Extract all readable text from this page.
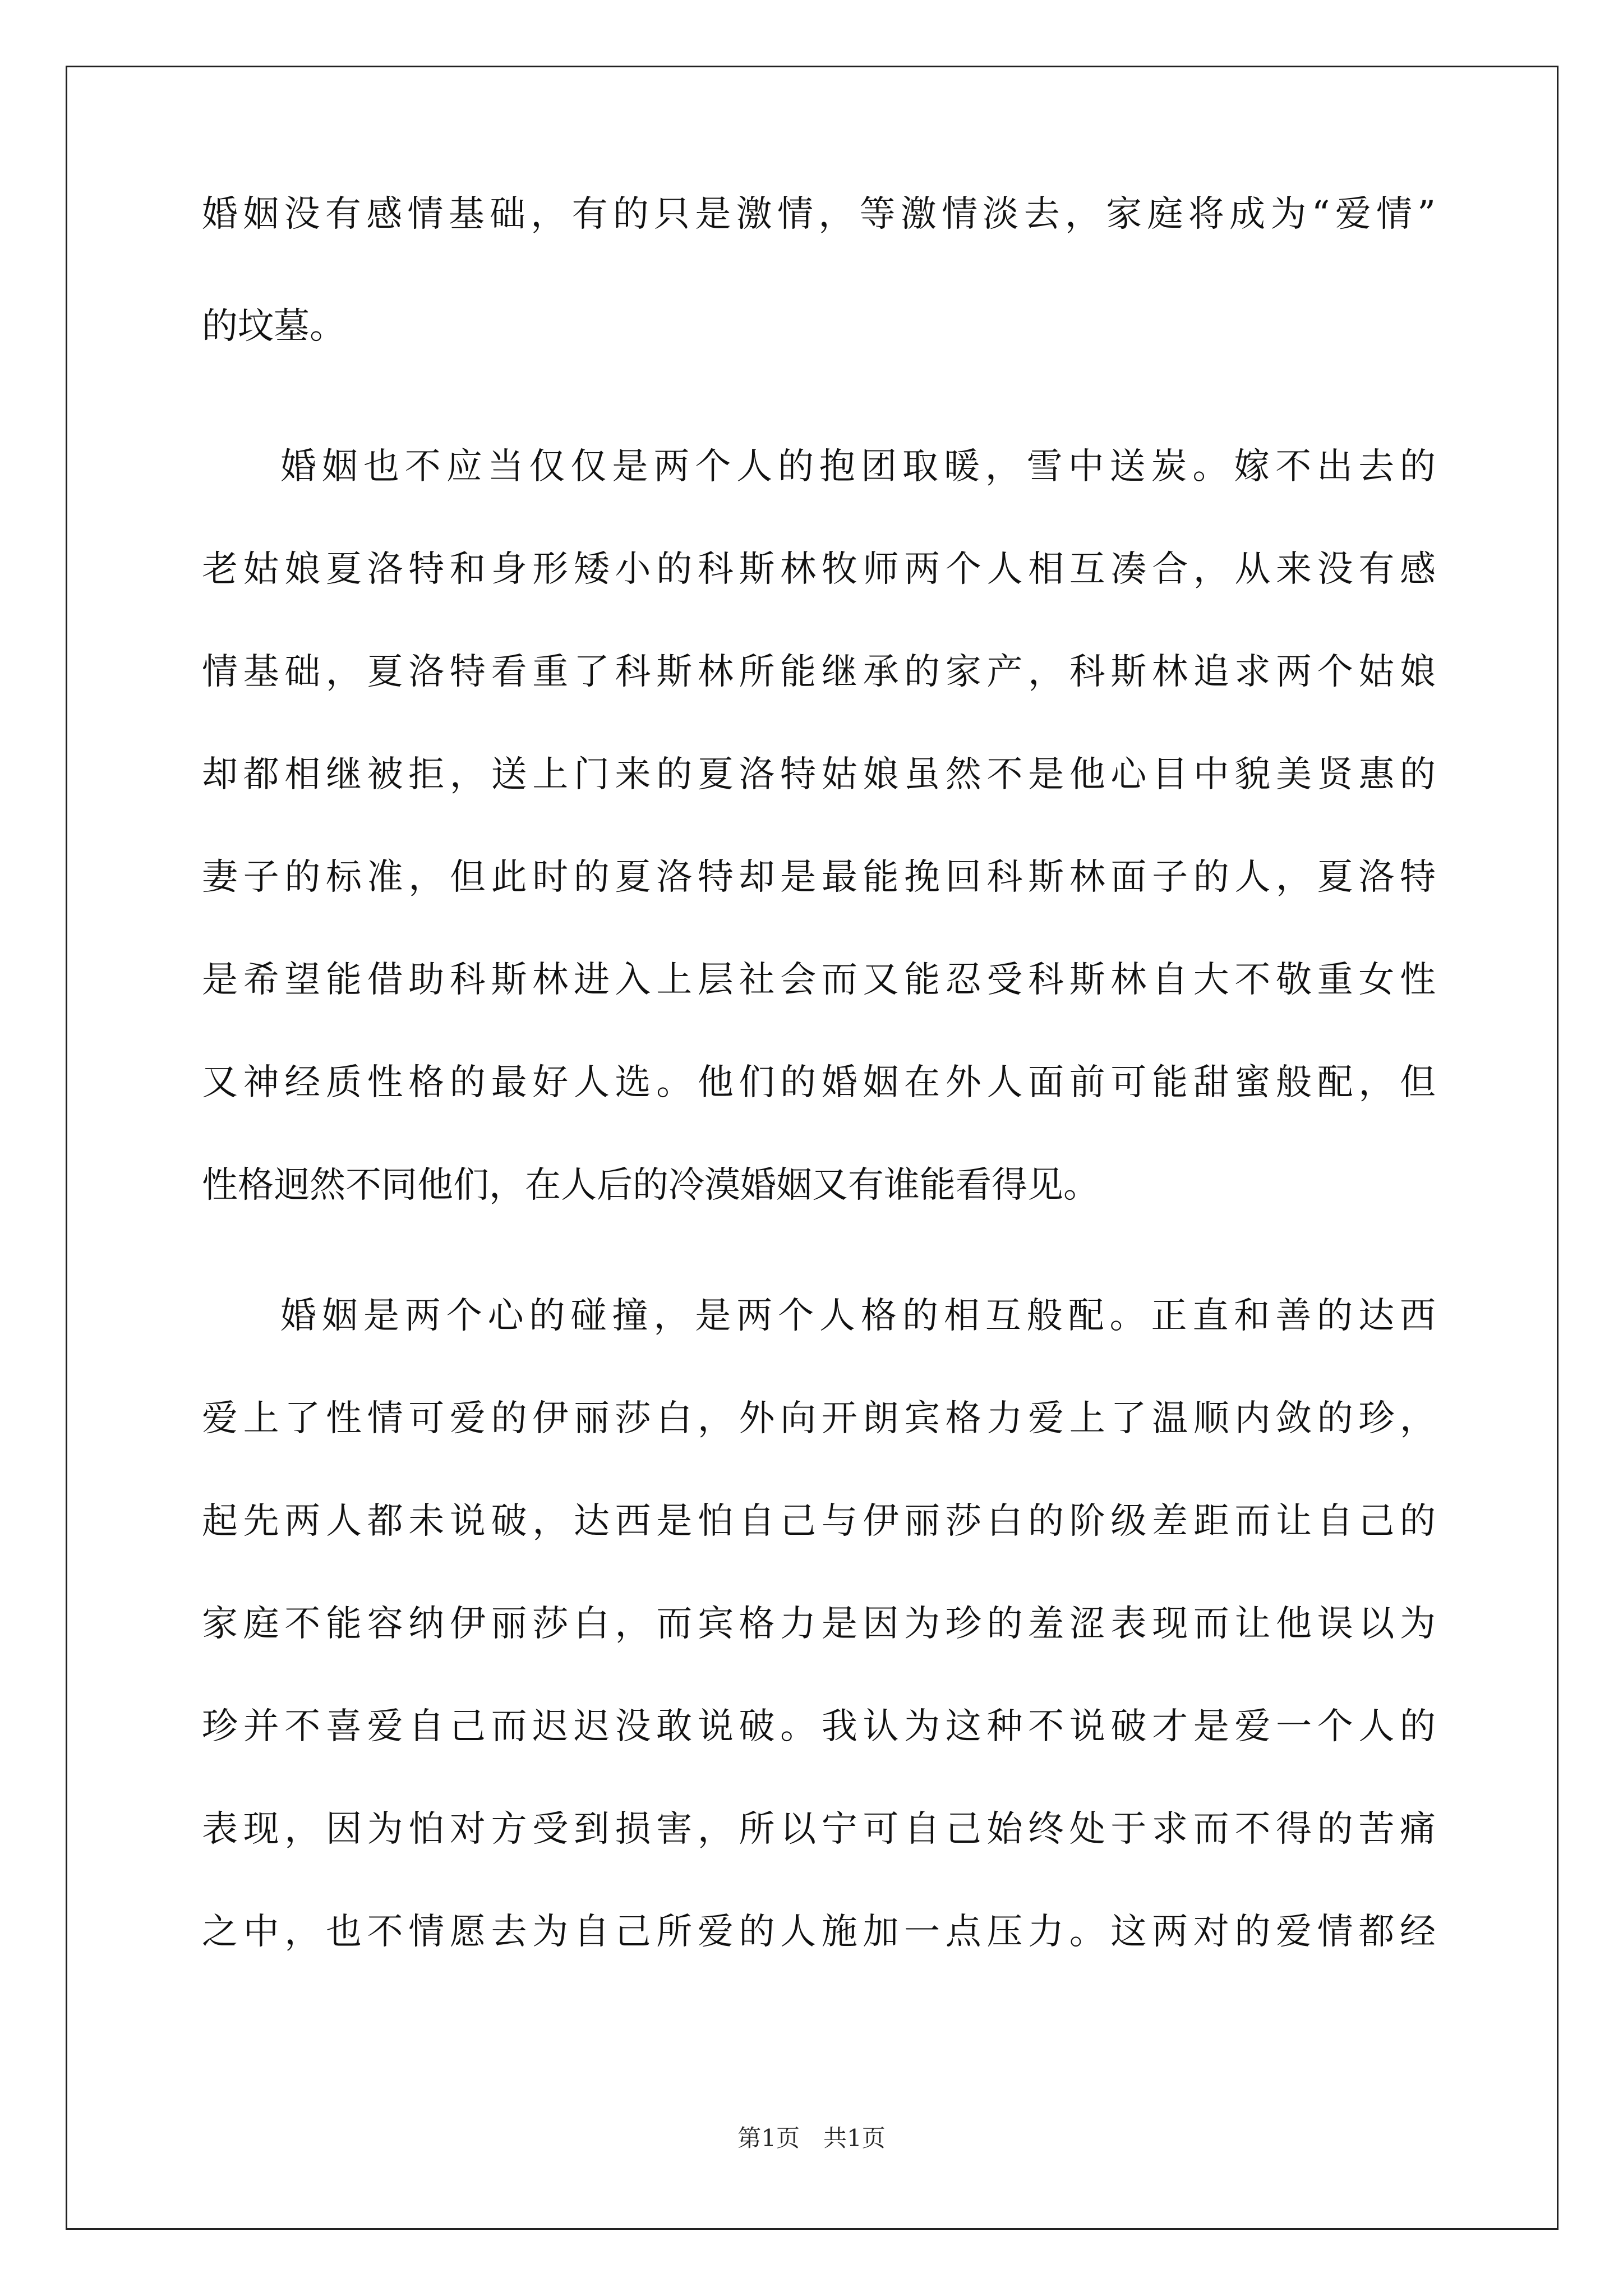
婚姻没有感情基础，有的只是激情，等激情淡去，家庭将成为“爱情”
的坟墓。
婚姻也不应当仅仅是两个人的抱团取暖，雪中送炭。嫁不出去的
老姑娘夏洛特和身形矮小的科斯林牧师两个人相互凑合，从来没有感
情基础，夏洛特看重了科斯林所能继承的家产，科斯林追求两个姑娘
却都相继被拒，送上门来的夏洛特姑娘虽然不是他心目中貌美贤惠的
妻子的标准，但此时的夏洛特却是最能挽回科斯林面子的人，夏洛特
是希望能借助科斯林进入上层社会而又能忍受科斯林自大不敬重女性
又神经质性格的最好人选。他们的婚姻在外人面前可能甜蜜般配，但
性格迥然不同他们，在人后的冷漠婚姻又有谁能看得见。
婚姻是两个心的碰撞，是两个人格的相互般配。正直和善的达西
爱上了性情可爱的伊丽莎白，外向开朗宾格力爱上了温顺内敛的珍，
起先两人都未说破，达西是怕自己与伊丽莎白的阶级差距而让自己的
家庭不能容纳伊丽莎白，而宾格力是因为珍的羞涩表现而让他误以为
珍并不喜爱自己而迟迟没敢说破。我认为这种不说破才是爱一个人的
表现，因为怕对方受到损害，所以宁可自己始终处于求而不得的苦痛
之中，也不情愿去为自己所爱的人施加一点压力。这两对的爱情都经
第1页　共1页
